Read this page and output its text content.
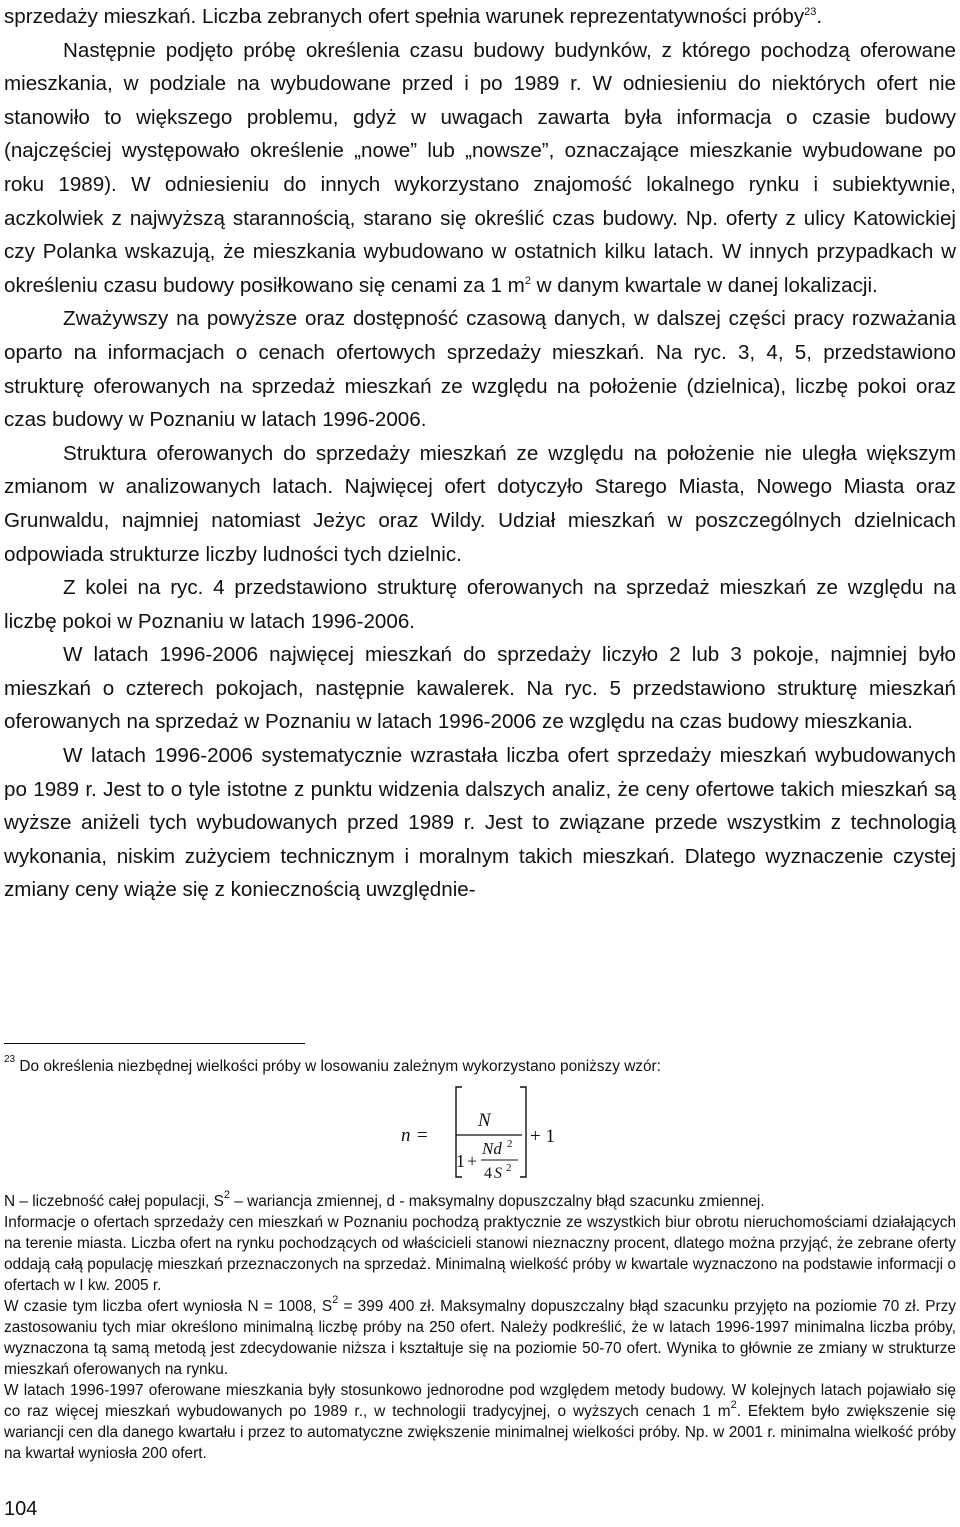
sprzedaży mieszkań. Liczba zebranych ofert spełnia warunek reprezentatywności próby$^{23}$.

Następnie podjęto próbę określenia czasu budowy budynków, z którego pochodzą oferowane mieszkania, w podziale na wybudowane przed i po 1989 r. W odniesieniu do niektórych ofert nie stanowiło to większego problemu, gdyż w uwagach zawarta była informacja o czasie budowy (najczęściej występowało określenie „nowe” lub „nowsze”, oznaczające mieszkanie wybudowane po roku 1989). W odniesieniu do innych wykorzystano znajomość lokalnego rynku i subiektywnie, aczkolwiek z najwyższą starannością, starano się określić czas budowy. Np. oferty z ulicy Katowickiej czy Polanka wskazują, że mieszkania wybudowano w ostatnich kilku latach. W innych przypadkach w określeniu czasu budowy posiłkowano się cenami za 1 $m^2$ w danym kwartale w danej lokalizacji.

Zważywszy na powyższe oraz dostępność czasową danych, w dalszej części pracy rozważania oparto na informacjach o cenach ofertowych sprzedaży mieszkań. Na ryc. 3, 4, 5, przedstawiono strukturę oferowanych na sprzedaż mieszkań ze względu na położenie (dzielnica), liczbę pokoi oraz czas budowy w Poznaniu w latach 1996-2006.

Struktura oferowanych do sprzedaży mieszkań ze względu na położenie nie uległa większym zmianom w analizowanych latach. Najwięcej ofert dotyczyło Starego Miasta, Nowego Miasta oraz Grunwaldu, najmniej natomiast Jeżyc oraz Wildy. Udział mieszkań w poszczególnych dzielnicach odpowiada strukturze liczby ludności tych dzielnic.

Z kolei na ryc. 4 przedstawiono strukturę oferowanych na sprzedaż mieszkań ze względu na liczbę pokoi w Poznaniu w latach 1996-2006.

W latach 1996-2006 najwięcej mieszkań do sprzedaży liczyło 2 lub 3 pokoje, najmniej było mieszkań o czterech pokojach, następnie kawalerek. Na ryc. 5 przedstawiono strukturę mieszkań oferowanych na sprzedaż w Poznaniu w latach 1996-2006 ze względu na czas budowy mieszkania.

W latach 1996-2006 systematycznie wzrastała liczba ofert sprzedaży mieszkań wybudowanych po 1989 r. Jest to o tyle istotne z punktu widzenia dalszych analiz, że ceny ofertowe takich mieszkań są wyższe aniżeli tych wybudowanych przed 1989 r. Jest to związane przede wszystkim z technologią wykonania, niskim zużyciem technicznym i moralnym takich mieszkań. Dlatego wyznaczenie czystej zmiany ceny wiąże się z koniecznością uwzględnie-

$^{23}$ Do określenia niezbędnej wielkości próby w losowaniu zależnym wykorzystano poniższy wzór:

n =
N
1 +
Nd 2
4 S 2
+ 1

N – liczebność całej populacji, $S^2$ – wariancja zmiennej, d - maksymalny dopuszczalny błąd szacunku zmiennej.

Informacje o ofertach sprzedaży cen mieszkań w Poznaniu pochodzą praktycznie ze wszystkich biur obrotu nieruchomościami działających na terenie miasta. Liczba ofert na rynku pochodzących od właścicieli stanowi nieznaczny procent, dlatego można przyjąć, że zebrane oferty oddają całą populację mieszkań przeznaczonych na sprzedaż. Minimalną wielkość próby w kwartale wyznaczono na podstawie informacji o ofertach w I kw. 2005 r.

W czasie tym liczba ofert wyniosła N = 1008, $S^2 = 399$ 400 zł. Maksymalny dopuszczalny błąd szacunku przyjęto na poziomie 70 zł. Przy zastosowaniu tych miar określono minimalną liczbę próby na 250 ofert. Należy podkreślić, że w latach 1996-1997 minimalna liczba próby, wyznaczona tą samą metodą jest zdecydowanie niższa i kształtuje się na poziomie 50-70 ofert. Wynika to głównie ze zmiany w strukturze mieszkań oferowanych na rynku.

W latach 1996-1997 oferowane mieszkania były stosunkowo jednorodne pod względem metody budowy. W kolejnych latach pojawiało się co raz więcej mieszkań wybudowanych po 1989 r., w technologii tradycyjnej, o wyższych cenach 1 $m^2$. Efektem było zwiększenie się wariancji cen dla danego kwartału i przez to automatyczne zwiększenie minimalnej wielkości próby. Np. w 2001 r. minimalna wielkość próby na kwartał wyniosła 200 ofert.

104
